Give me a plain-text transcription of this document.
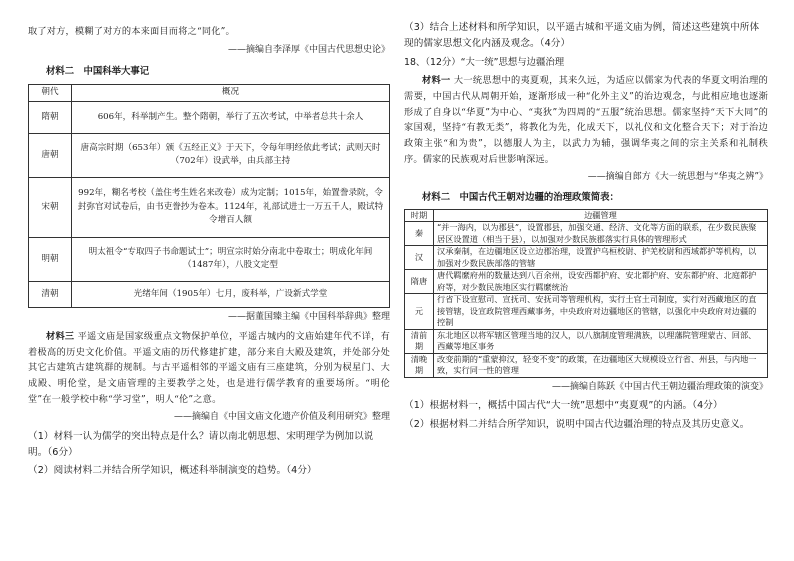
取了对方，模糊了对方的本来面目而将之“同化”。

——摘编自李泽厚《中国古代思想史论》

材料二　中国科举大事记

朝代	概况
隋朝	606年，科举制产生。整个隋朝，举行了五次考试，中举者总共十余人
唐朝	唐高宗时期（653年）颁《五经正义》于天下，令每年明经依此考试；武则天时（702年）设武举，由兵部主持
宋朝	992年，糊名考校（盖住考生姓名来改卷）成为定制；1015年，始置誊录院，令封弥官对试卷后，由书吏誊抄为卷本。1124年，礼部试进士一万五千人，殿试特令增百人额
明朝	明太祖令“专取四子书命题试士”；明宣宗时始分南北中卷取士；明成化年间（1487年），八股文定型
清朝	光绪年间（1905年）七月，废科举，广设新式学堂

——据董国臻主编《中国科举辞典》整理

材料三 平遥文庙是国家级重点文物保护单位，平遥古城内的文庙始建年代不详，有着极高的历史文化价值。平遥文庙的历代修建扩建，部分来自大殿及建筑，并处部分处其它古建筑古建筑群的规制。与古平遥相邻的平遥文庙有三座建筑，分别为棂星门、大成殿、明伦堂，是文庙管理的主要教学之处，也是进行儒学教育的重要场所。“明伦堂”在一般学校中称“学习堂”，明人“伦”之意。

——摘编自《中国文庙文化遗产价值及利用研究》整理

（1）材料一认为儒学的突出特点是什么？请以南北朝思想、宋明理学为例加以说明。（6分）

（2）阅读材料二并结合所学知识，概述科举制演变的趋势。（4分）

（3）结合上述材料和所学知识，以平遥古城和平遥文庙为例，简述这些建筑中所体现的儒家思想文化内涵及观念。（4分）

18、（12分）“大一统”思想与边疆治理

材料一 大一统思想中的夷夏观，其来久远，为适应以儒家为代表的华夏文明治理的需要，中国古代从周朝开始，逐渐形成一种“化外主义”的治边观念，与此相应地也逐渐形成了自身以“华夏”为中心、“夷狄”为四周的“五服”统治思想。儒家坚持“天下大同”的家国观，坚持“有教无类”，将教化为先，化成天下，以礼仪和文化整合天下；对于治边政策主张“和为贵”，以德服人为主，以武力为辅，强调华夷之间的宗主关系和礼制秩序。儒家的民族观对后世影响深远。

——摘编自郎方《大一统思想与“华夷之辨”》

材料二　中国古代王朝对边疆的治理政策简表：

时期	边疆管理
秦	“并一海内，以为郡县”，设置郡县，加强交通、经济、文化等方面的联系，在少数民族聚居区设置道（相当于县），以加强对少数民族郡落实行具体的管理形式
汉	汉承秦制，在边疆地区设立边郡治理，设置护乌桓校尉、护羌校尉和西域都护等机构，以加强对少数民族部落的管辖
隋唐	唐代羁縻府州的数量达到八百余州，设安西都护府、安北都护府、安东都护府、北庭都护府等，对少数民族地区实行羁縻统治
元	行省下设宣慰司、宣抚司、安抚司等管理机构，实行土官土司制度，实行对西藏地区的直接管辖，设宣政院管理西藏事务，中央政府对边疆地区的管辖，以强化中央政府对边疆的控制
清前期	东北地区以将军辖区管理当地的汉人，以八旗制度管理满族，以理藩院管理蒙古、回部、西藏等地区事务
清晚期	改变前期的“重蒙抑汉，轻变不变”的政策，在边疆地区大规模设立行省、州县，与内地一致，实行同一性的管理

——摘编自陈跃《中国古代王朝边疆治理政策的演变》

（1）根据材料一，概括中国古代“大一统”思想中“夷夏观”的内涵。（4分）

（2）根据材料二并结合所学知识，说明中国古代边疆治理的特点及其历史意义。
